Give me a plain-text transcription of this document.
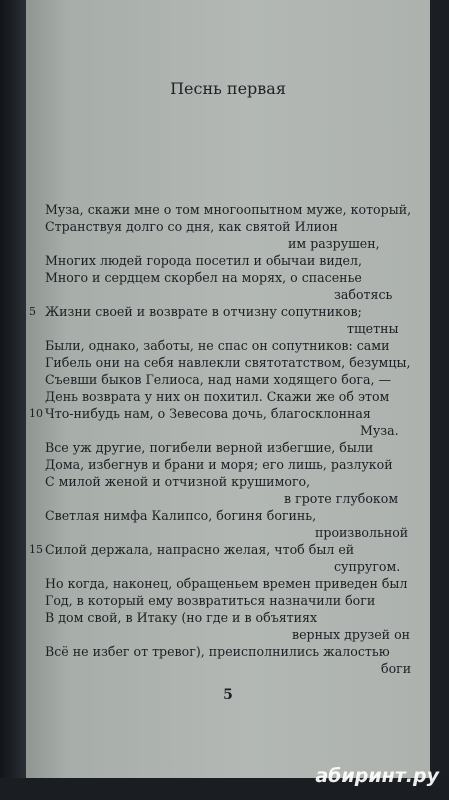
Песнь первая
Муза, скажи мне о том многоопытном муже, который,
Странствуя долго со дня, как святой Илион
им разрушен,
Многих людей города посетил и обычаи видел,
Много и сердцем скорбел на морях, о спасенье
заботясь
5 Жизни своей и возврате в отчизну сопутников;
тщетны
Были, однако, заботы, не спас он сопутников: сами
Гибель они на себя навлекли святотатством, безумцы,
Съевши быков Гелиоса, над нами ходящего бога, —
День возврата у них он похитил. Скажи же об этом
10 Что-нибудь нам, о Зевесова дочь, благосклонная
Муза.
Все уж другие, погибели верной избегшие, были
Дома, избегнув и брани и моря; его лишь, разлукой
С милой женой и отчизной крушимого,
в гроте глубоком
Светлая нимфа Калипсо, богиня богинь,
произвольной
15 Силой держала, напрасно желая, чтоб был ей
супругом.
Но когда, наконец, обращеньем времен приведен был
Год, в который ему возвратиться назначили боги
В дом свой, в Итаку (но где и в объятиях
верных друзей он
Всё не избег от тревог), преисполнились жалостью
боги
5
абиринт.ру
